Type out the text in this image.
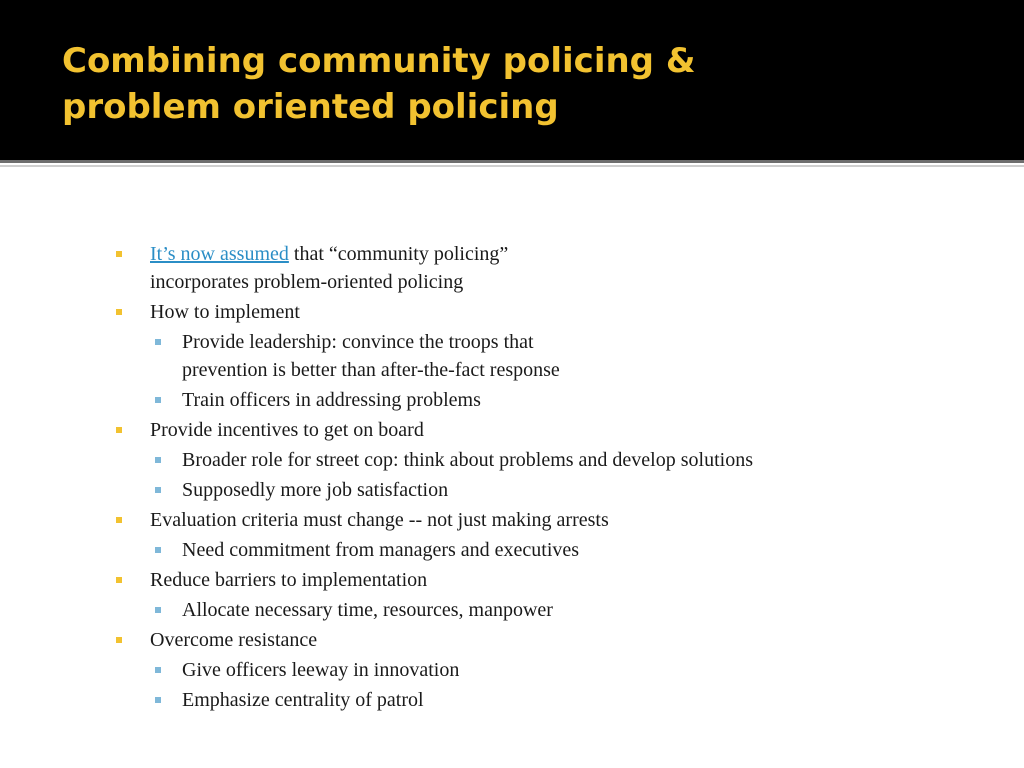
Combining community policing &
problem oriented policing
It’s now assumed that “community policing”
incorporates problem-oriented policing
How to implement
Provide leadership: convince the troops that
prevention is better than after-the-fact response
Train officers in addressing problems
Provide incentives to get on board
Broader role for street cop: think about problems and develop solutions
Supposedly more job satisfaction
Evaluation criteria must change -- not just making arrests
Need commitment from managers and executives
Reduce barriers to implementation
Allocate necessary time, resources, manpower
Overcome resistance
Give officers leeway in innovation
Emphasize centrality of patrol
